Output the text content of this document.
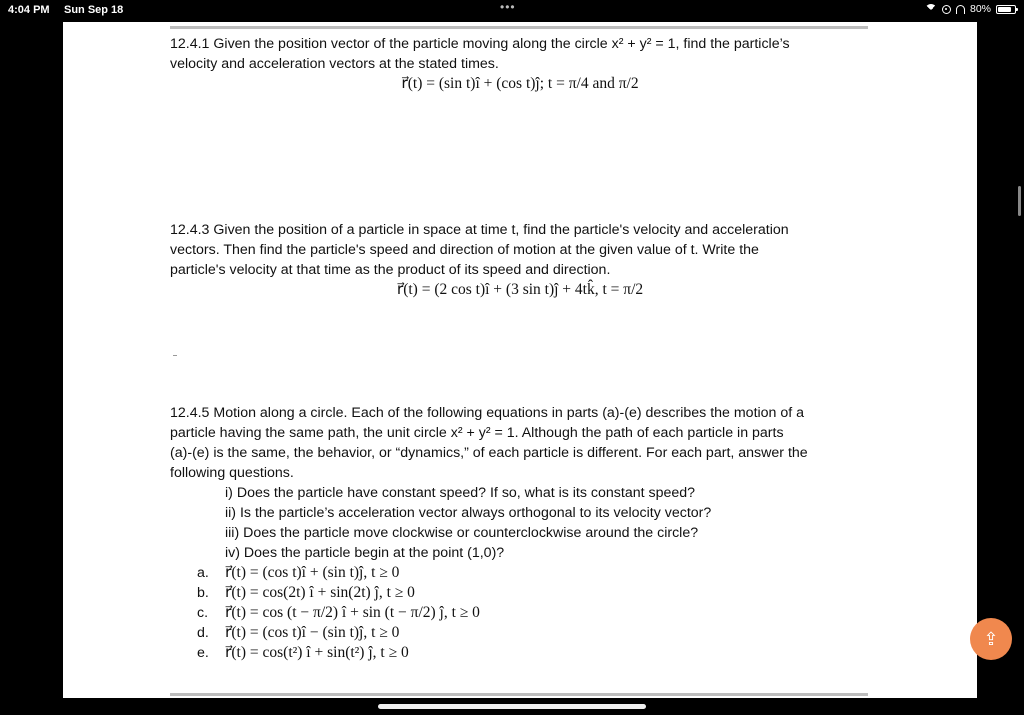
4:04 PM Sun Sep 18	•••	80%

12.4.1 Given the position vector of the particle moving along the circle x² + y² = 1, find the particle’s

velocity and acceleration vectors at the stated times.

r⃗(t) = (sin t)î + (cos t)ĵ; t = π/4 and π/2

12.4.3 Given the position of a particle in space at time t, find the particle's velocity and acceleration

vectors. Then find the particle's speed and direction of motion at the given value of t. Write the

particle's velocity at that time as the product of its speed and direction.

r⃗(t) = (2 cos t)î + (3 sin t)ĵ + 4tk̂, t = π/2

12.4.5 Motion along a circle. Each of the following equations in parts (a)-(e) describes the motion of a

particle having the same path, the unit circle x² + y² = 1. Although the path of each particle in parts

(a)-(e) is the same, the behavior, or “dynamics,” of each particle is different. For each part, answer the

following questions.

i) Does the particle have constant speed? If so, what is its constant speed?
ii) Is the particle’s acceleration vector always orthogonal to its velocity vector?
iii) Does the particle move clockwise or counterclockwise around the circle?
iv) Does the particle begin at the point (1,0)?
a.	r⃗(t) = (cos t)î + (sin t)ĵ, t ≥ 0
b.	r⃗(t) = cos(2t) î + sin(2t) ĵ, t ≥ 0
c.	r⃗(t) = cos (t − π/2) î + sin (t − π/2) ĵ, t ≥ 0
d.	r⃗(t) = (cos t)î − (sin t)ĵ, t ≥ 0
e.	r⃗(t) = cos(t²) î + sin(t²) ĵ, t ≥ 0
⇪
